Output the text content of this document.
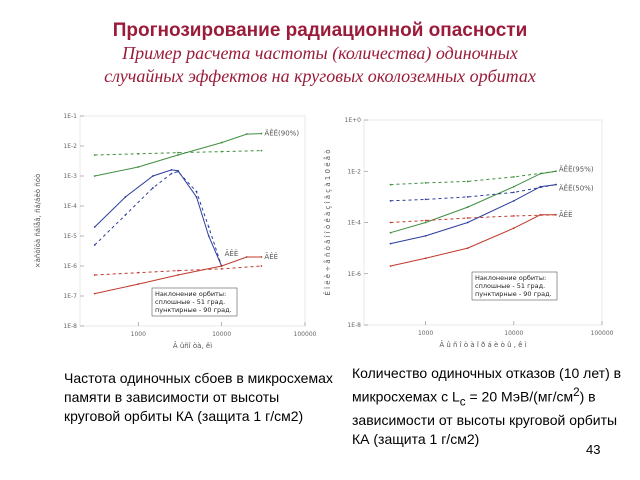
Прогнозирование радиационной опасности
Пример расчета частоты (количества) одиночных
случайных эффектов на круговых околоземных орбитах
1E-1
1E-2
1E-3
1E-4
1E-5
1E-6
1E-7
1E-8
1000	10000	100000
Â ûñî òà, êì
×àñòîòà ñáîåâ, ñá/áèò ñóò
ÄÊË(90%)
ÃÊË	ÃÊË
Наклонение орбиты:
сплошные - 51 град.
пунктирные - 90 град.
1E-8
1E-6
1E-4
1E-2
1E+0
1000	10000	100000
Â û ñ î ò à î ð á è ò û , ê ì
Ê î ë è ÷ å ñ ò â î î ò ê à ç î â ç à 1 0 ë å ò	ÄÊË(95%)
ÄÊË(50%)
ÃÊË
Наклонение орбиты:
сплошные - 51 град.
пунктирные - 90 град.
Частота одиночных сбоев в микросхемах памяти в зависимости от высоты круговой орбиты КА (защита 1 г/см2)
Количество одиночных отказов (10 лет) в микросхемах с $L_c = 20$ МэВ/$(мг/см^2)$ в зависимости от высоты круговой орбиты КА (защита 1 г/см2)
43
